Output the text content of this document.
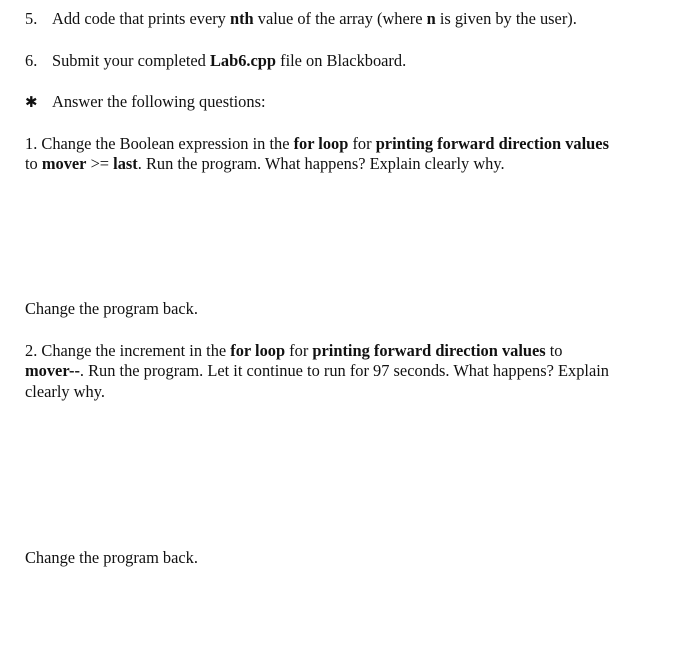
5. Add code that prints every nth value of the array (where n is given by the user).
6. Submit your completed Lab6.cpp file on Blackboard.
✱ Answer the following questions:
1. Change the Boolean expression in the for loop for printing forward direction values
to mover >= last. Run the program. What happens? Explain clearly why.
Change the program back.
2. Change the increment in the for loop for printing forward direction values to
mover--. Run the program. Let it continue to run for 97 seconds. What happens? Explain
clearly why.
Change the program back.
